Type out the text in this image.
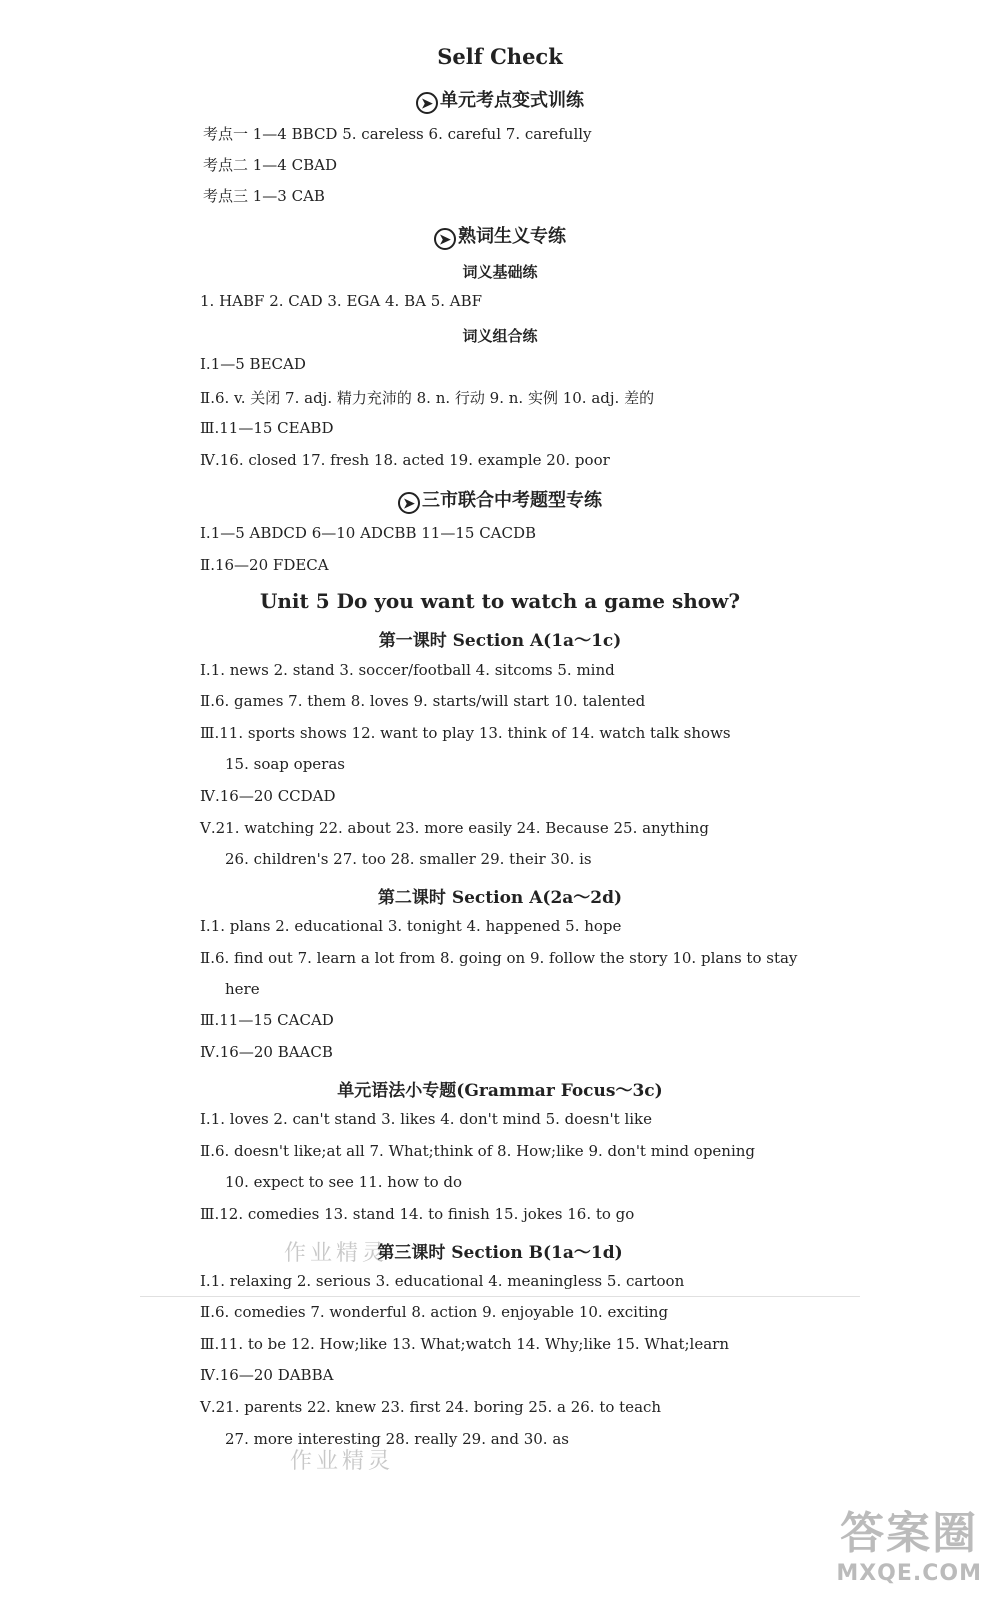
Self Check
➤ 单元考点变式训练
考点一 1—4 BBCD 5. careless 6. careful 7. carefully
考点二 1—4 CBAD
考点三 1—3 CAB
➤ 熟词生义专练
词义基础练
1. HABF 2. CAD 3. EGA 4. BA 5. ABF
词义组合练
Ⅰ.1—5 BECAD
Ⅱ.6. v. 关闭 7. adj. 精力充沛的 8. n. 行动 9. n. 实例 10. adj. 差的
Ⅲ.11—15 CEABD
Ⅳ.16. closed 17. fresh 18. acted 19. example 20. poor
➤ 三市联合中考题型专练
Ⅰ.1—5 ABDCD 6—10 ADCBB 11—15 CACDB
Ⅱ.16—20 FDECA
Unit 5 Do you want to watch a game show?
第一课时 Section A(1a～1c)
Ⅰ.1. news 2. stand 3. soccer/football 4. sitcoms 5. mind
Ⅱ.6. games 7. them 8. loves 9. starts/will start 10. talented
Ⅲ.11. sports shows 12. want to play 13. think of 14. watch talk shows
15. soap operas
Ⅳ.16—20 CCDAD
Ⅴ.21. watching 22. about 23. more easily 24. Because 25. anything
26. children's 27. too 28. smaller 29. their 30. is
第二课时 Section A(2a～2d)
Ⅰ.1. plans 2. educational 3. tonight 4. happened 5. hope
Ⅱ.6. find out 7. learn a lot from 8. going on 9. follow the story 10. plans to stay
here
Ⅲ.11—15 CACAD
Ⅳ.16—20 BAACB
单元语法小专题(Grammar Focus～3c)
Ⅰ.1. loves 2. can't stand 3. likes 4. don't mind 5. doesn't like
Ⅱ.6. doesn't like;at all 7. What;think of 8. How;like 9. don't mind opening
10. expect to see 11. how to do
Ⅲ.12. comedies 13. stand 14. to finish 15. jokes 16. to go
作业精灵
第三课时 Section B(1a～1d)
Ⅰ.1. relaxing 2. serious 3. educational 4. meaningless 5. cartoon
Ⅱ.6. comedies 7. wonderful 8. action 9. enjoyable 10. exciting
Ⅲ.11. to be 12. How;like 13. What;watch 14. Why;like 15. What;learn
Ⅳ.16—20 DABBA
Ⅴ.21. parents 22. knew 23. first 24. boring 25. a 26. to teach
27. more interesting 28. really 29. and 30. as
作业精灵
答案圈
MXQE.COM
